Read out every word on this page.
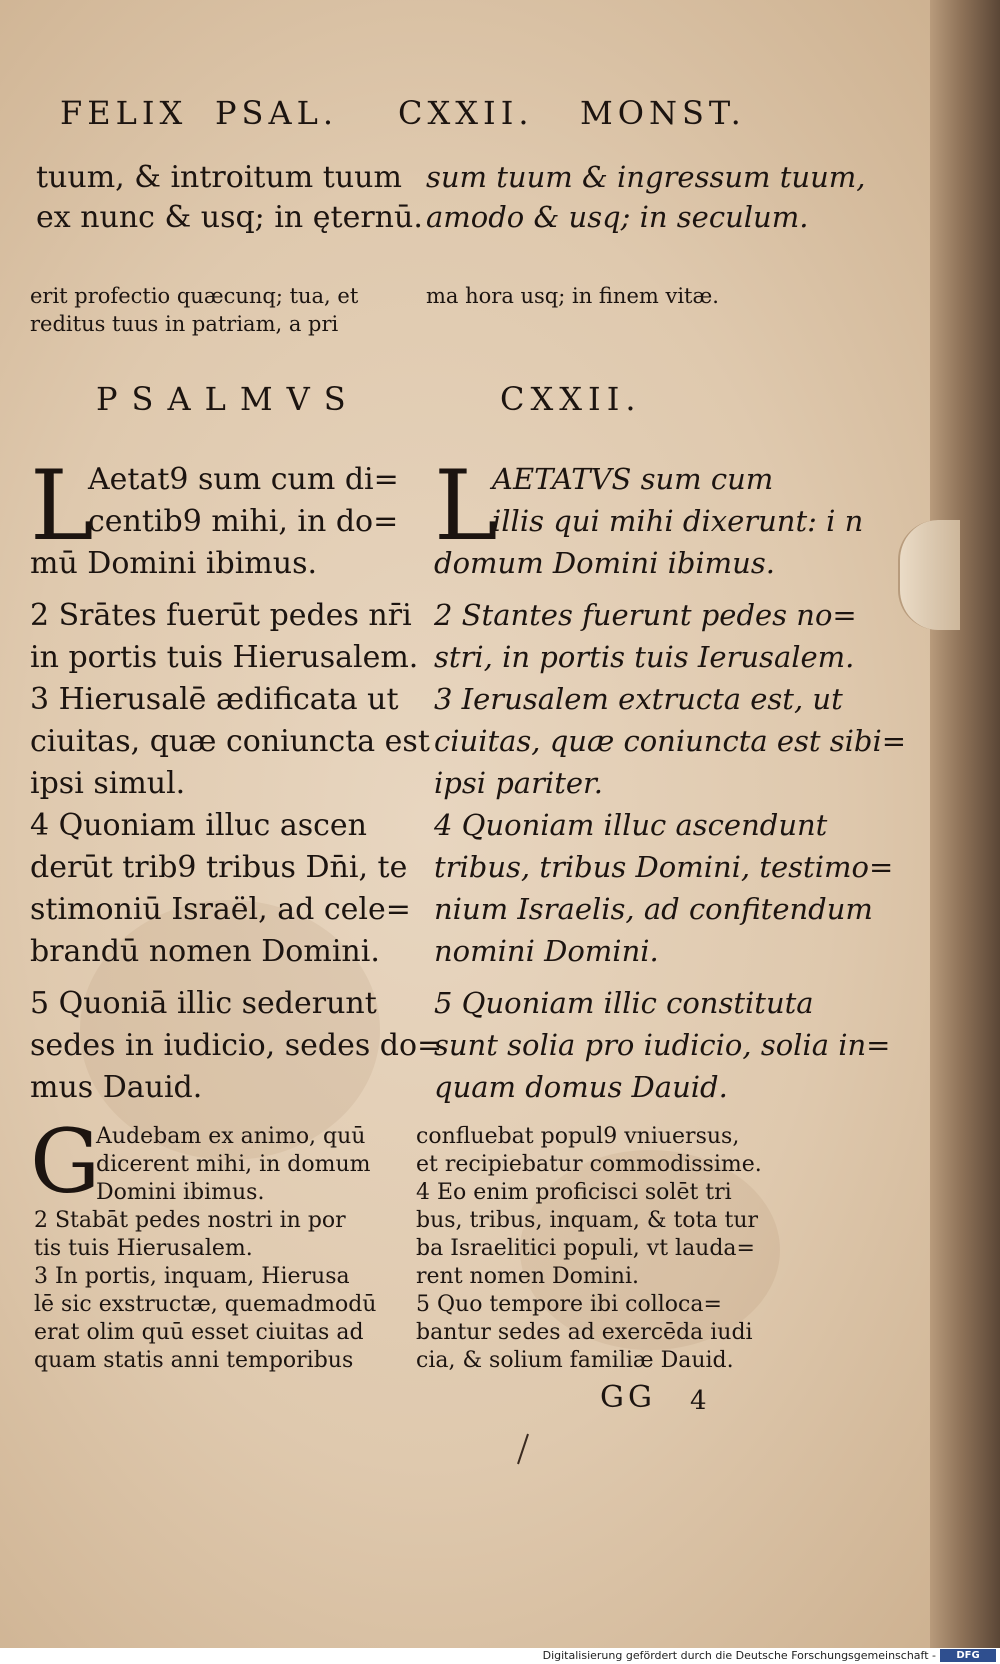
FELIX PSAL. CXXII. MONST.
tuum, & introitum tuum
ex nunc & usq; in ęternū.
sum tuum & ingressum tuum,
amodo & usq; in seculum.
erit profectio quæcunq; tua, et
reditus tuus in patriam, a pri
ma hora usq; in finem vitæ.
PSALMVS	CXXII.
L
Aetat9 sum cum di=
centib9 mihi, in do=
mū Domini ibimus.
2 Srātes fuerūt pedes nr̄i
in portis tuis Hierusalem.
3 Hierusalē ædificata ut
ciuitas, quæ coniuncta est
ipsi simul.
4 Quoniam illuc ascen
derūt trib9 tribus Dn̄i, te
stimoniū Israël, ad cele=
brandū nomen Domini.
5 Quoniā illic sederunt
sedes in iudicio, sedes do=
mus Dauid.
L
AETATVS sum cum
illis qui mihi dixerunt: i n
domum Domini ibimus.
2 Stantes fuerunt pedes no=
stri, in portis tuis Ierusalem.
3 Ierusalem extructa est, ut
ciuitas, quæ coniuncta est sibi=
ipsi pariter.
4 Quoniam illuc ascendunt
tribus, tribus Domini, testimo=
nium Israelis, ad confitendum
nomini Domini.
5 Quoniam illic constituta
sunt solia pro iudicio, solia in=
quam domus Dauid.
G
Audebam ex animo, quū
dicerent mihi, in domum
Domini ibimus.
2 Stabāt pedes nostri in por
tis tuis Hierusalem.
3 In portis, inquam, Hierusa
lē sic exstructæ, quemadmodū
erat olim quū esset ciuitas ad
quam statis anni temporibus
confluebat popul9 vniuersus,
et recipiebatur commodissime.
4 Eo enim proficisci solēt tri
bus, tribus, inquam, & tota tur
ba Israelitici populi, vt lauda=
rent nomen Domini.
5 Quo tempore ibi colloca=
bantur sedes ad exercēda iudi
cia, & solium familiæ Dauid.
GG 4
Digitalisierung gefördert durch die Deutsche Forschungsgemeinschaft -	DFG
